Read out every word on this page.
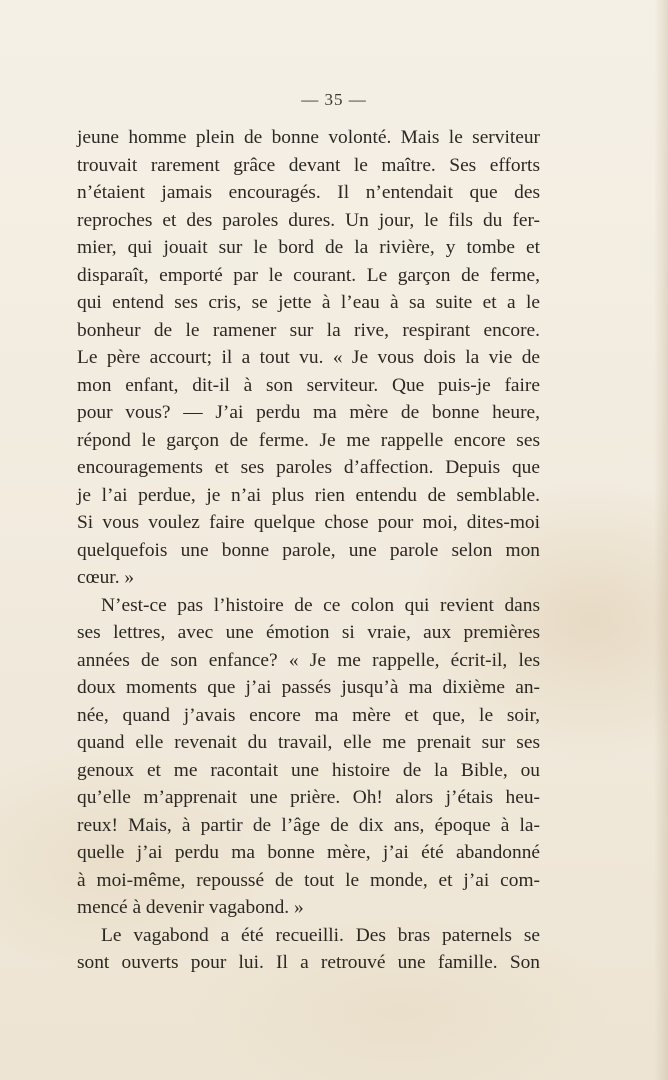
— 35 —
jeune homme plein de bonne volonté. Mais le serviteur
trouvait rarement grâce devant le maître. Ses efforts
n’étaient jamais encouragés. Il n’entendait que des
reproches et des paroles dures. Un jour, le fils du fer-
mier, qui jouait sur le bord de la rivière, y tombe et
disparaît, emporté par le courant. Le garçon de ferme,
qui entend ses cris, se jette à l’eau à sa suite et a le
bonheur de le ramener sur la rive, respirant encore.
Le père accourt; il a tout vu. « Je vous dois la vie de
mon enfant, dit-il à son serviteur. Que puis-je faire
pour vous? — J’ai perdu ma mère de bonne heure,
répond le garçon de ferme. Je me rappelle encore ses
encouragements et ses paroles d’affection. Depuis que
je l’ai perdue, je n’ai plus rien entendu de semblable.
Si vous voulez faire quelque chose pour moi, dites-moi
quelquefois une bonne parole, une parole selon mon
cœur. »
N’est-ce pas l’histoire de ce colon qui revient dans
ses lettres, avec une émotion si vraie, aux premières
années de son enfance? « Je me rappelle, écrit-il, les
doux moments que j’ai passés jusqu’à ma dixième an-
née, quand j’avais encore ma mère et que, le soir,
quand elle revenait du travail, elle me prenait sur ses
genoux et me racontait une histoire de la Bible, ou
qu’elle m’apprenait une prière. Oh! alors j’étais heu-
reux! Mais, à partir de l’âge de dix ans, époque à la-
quelle j’ai perdu ma bonne mère, j’ai été abandonné
à moi-même, repoussé de tout le monde, et j’ai com-
mencé à devenir vagabond. »
Le vagabond a été recueilli. Des bras paternels se
sont ouverts pour lui. Il a retrouvé une famille. Son
